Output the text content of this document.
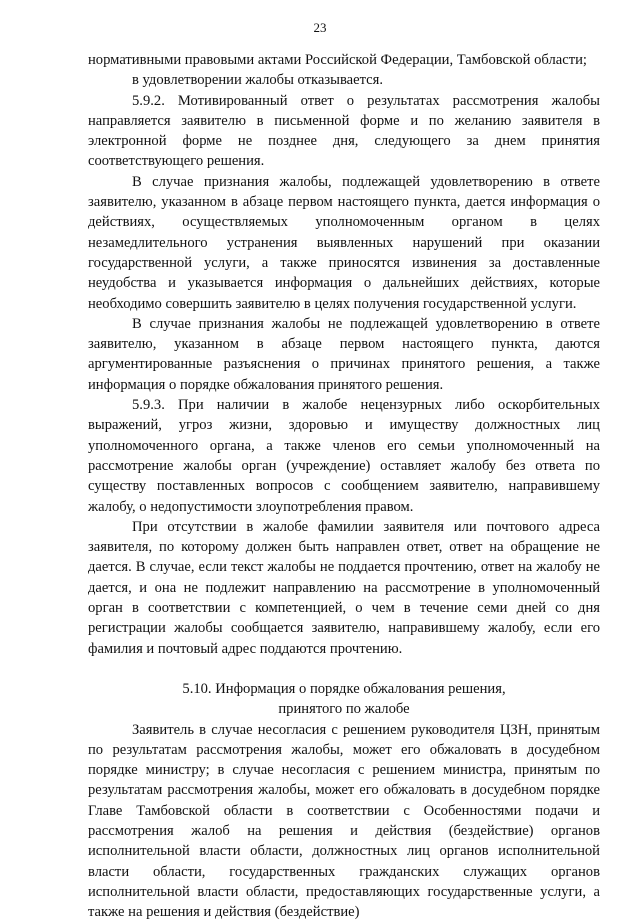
23

нормативными правовыми актами Российской Федерации, Тамбовской области;

в удовлетворении жалобы отказывается.

5.9.2. Мотивированный ответ о результатах рассмотрения жалобы направляется заявителю в письменной форме и по желанию заявителя в электронной форме не позднее дня, следующего за днем принятия соответствующего решения.

В случае признания жалобы, подлежащей удовлетворению в ответе заявителю, указанном в абзаце первом настоящего пункта, дается информация о действиях, осуществляемых уполномоченным органом в целях незамедлительного устранения выявленных нарушений при оказании государственной услуги, а также приносятся извинения за доставленные неудобства и указывается информация о дальнейших действиях, которые необходимо совершить заявителю в целях получения государственной услуги.

В случае признания жалобы не подлежащей удовлетворению в ответе заявителю, указанном в абзаце первом настоящего пункта, даются аргументированные разъяснения о причинах принятого решения, а также информация о порядке обжалования принятого решения.

5.9.3. При наличии в жалобе нецензурных либо оскорбительных выражений, угроз жизни, здоровью и имуществу должностных лиц уполномоченного органа, а также членов его семьи уполномоченный на рассмотрение жалобы орган (учреждение) оставляет жалобу без ответа по существу поставленных вопросов с сообщением заявителю, направившему жалобу, о недопустимости злоупотребления правом.

При отсутствии в жалобе фамилии заявителя или почтового адреса заявителя, по которому должен быть направлен ответ, ответ на обращение не дается. В случае, если текст жалобы не поддается прочтению, ответ на жалобу не дается, и она не подлежит направлению на рассмотрение в уполномоченный орган в соответствии с компетенцией, о чем в течение семи дней со дня регистрации жалобы сообщается заявителю, направившему жалобу, если его фамилия и почтовый адрес поддаются прочтению.

5.10. Информация о порядке обжалования решения,
принятого по жалобе

Заявитель в случае несогласия с решением руководителя ЦЗН, принятым по результатам рассмотрения жалобы, может его обжаловать в досудебном порядке министру; в случае несогласия с решением министра, принятым по результатам рассмотрения жалобы, может его обжаловать в досудебном порядке Главе Тамбовской области в соответствии с Особенностями подачи и рассмотрения жалоб на решения и действия (бездействие) органов исполнительной власти области, должностных лиц органов исполнительной власти области, государственных гражданских служащих органов исполнительной власти области, предоставляющих государственные услуги, а также на решения и действия (бездействие)
